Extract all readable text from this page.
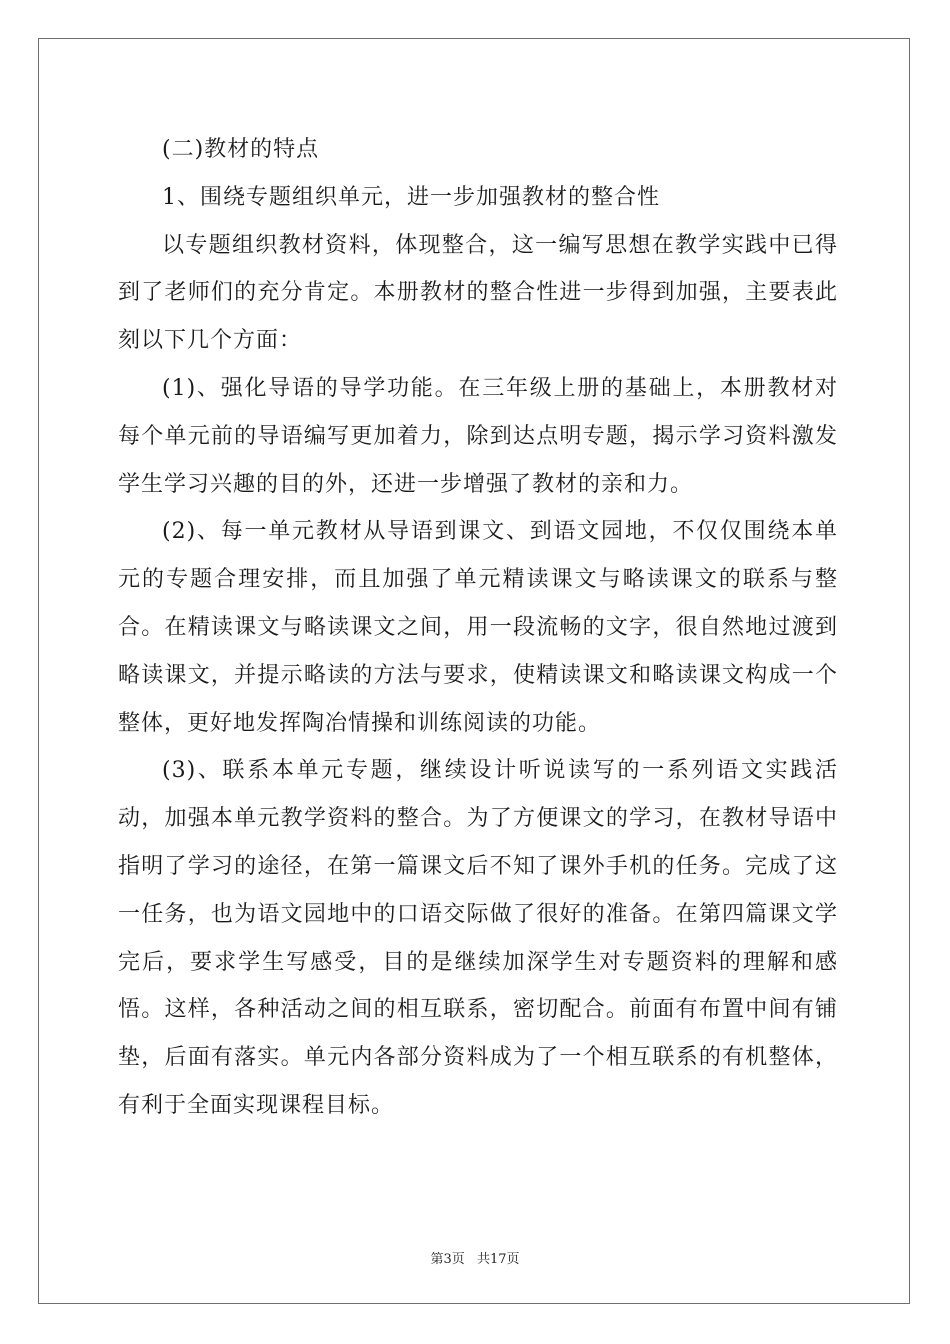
(二)教材的特点

1、围绕专题组织单元，进一步加强教材的整合性

以专题组织教材资料，体现整合，这一编写思想在教学实践中已得到了老师们的充分肯定。本册教材的整合性进一步得到加强，主要表此刻以下几个方面：

(1)、强化导语的导学功能。在三年级上册的基础上，本册教材对每个单元前的导语编写更加着力，除到达点明专题，揭示学习资料激发学生学习兴趣的目的外，还进一步增强了教材的亲和力。

(2)、每一单元教材从导语到课文、到语文园地，不仅仅围绕本单元的专题合理安排，而且加强了单元精读课文与略读课文的联系与整合。在精读课文与略读课文之间，用一段流畅的文字，很自然地过渡到略读课文，并提示略读的方法与要求，使精读课文和略读课文构成一个整体，更好地发挥陶冶情操和训练阅读的功能。

(3)、联系本单元专题，继续设计听说读写的一系列语文实践活动，加强本单元教学资料的整合。为了方便课文的学习，在教材导语中指明了学习的途径，在第一篇课文后不知了课外手机的任务。完成了这一任务，也为语文园地中的口语交际做了很好的准备。在第四篇课文学完后，要求学生写感受，目的是继续加深学生对专题资料的理解和感悟。这样，各种活动之间的相互联系，密切配合。前面有布置中间有铺垫，后面有落实。单元内各部分资料成为了一个相互联系的有机整体，有利于全面实现课程目标。

第3页 共17页
